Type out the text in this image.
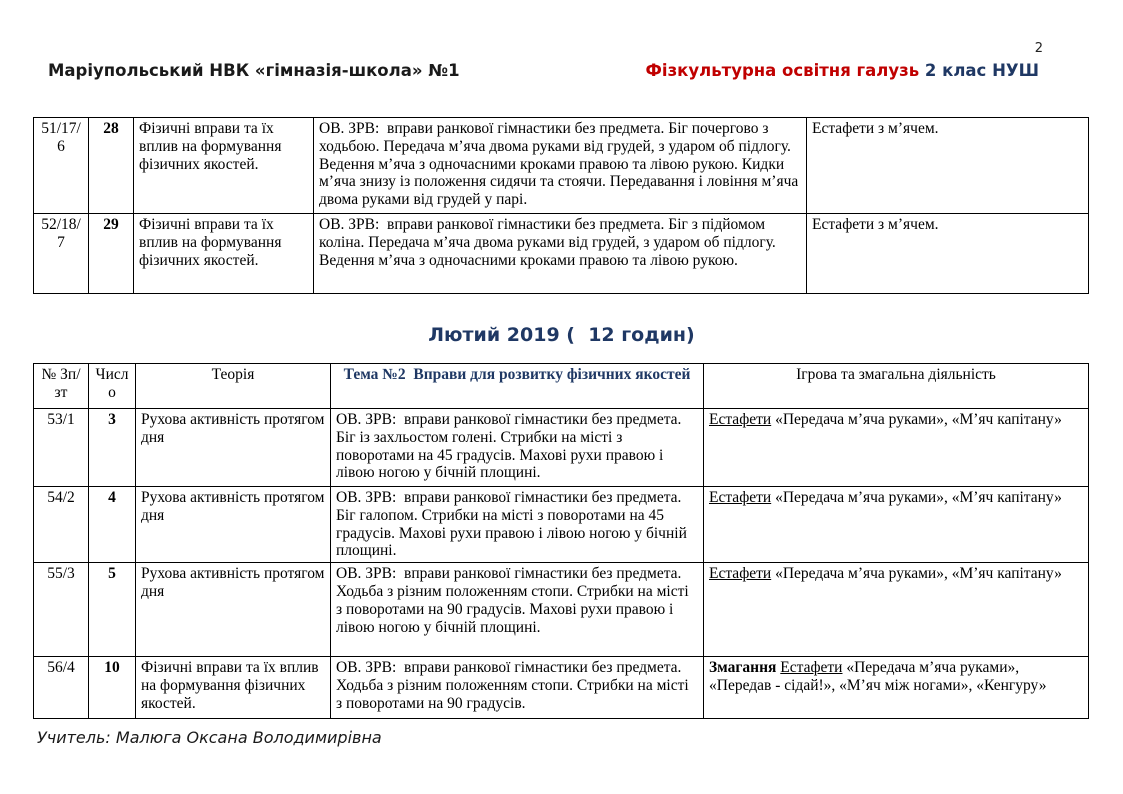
2
Маріупольський НВК «гімназія-школа» №1	Фізкультурна освітня галузь 2 клас НУШ
51/17/6	28	Фізичні вправи та їх вплив на формування фізичних якостей.	ОВ. ЗРВ:  вправи ранкової гімнастики без предмета. Біг почергово з ходьбою. Передача м’яча двома руками від грудей, з ударом об підлогу. Ведення м’яча з одночасними кроками правою та лівою рукою. Кидки м’яча знизу із положення сидячи та стоячи. Передавання і ловіння м’яча двома руками від грудей у парі.	Естафети з м’ячем.
52/18/7	29	Фізичні вправи та їх вплив на формування фізичних якостей.	ОВ. ЗРВ:  вправи ранкової гімнастики без предмета. Біг з підйомом коліна. Передача м’яча двома руками від грудей, з ударом об підлогу. Ведення м’яча з одночасними кроками правою та лівою рукою.	Естафети з м’ячем.
Лютий 2019 (  12 годин)
№ Зп/зт	Число	Теорія	Тема №2  Вправи для розвитку фізичних якостей	Ігрова та змагальна діяльність
53/1	3	Рухова активність протягом дня	ОВ. ЗРВ:  вправи ранкової гімнастики без предмета. Біг із захльостом голені. Стрибки на місті з поворотами на 45 градусів. Махові рухи правою і лівою ногою у бічній площині.	Естафети «Передача м’яча руками», «М’яч капітану»
54/2	4	Рухова активність протягом дня	ОВ. ЗРВ:  вправи ранкової гімнастики без предмета. Біг галопом. Стрибки на місті з поворотами на 45 градусів. Махові рухи правою і лівою ногою у бічній площині.	Естафети «Передача м’яча руками», «М’яч капітану»
55/3	5	Рухова активність протягом дня	ОВ. ЗРВ:  вправи ранкової гімнастики без предмета. Ходьба з різним положенням стопи. Стрибки на місті з поворотами на 90 градусів. Махові рухи правою і лівою ногою у бічній площині.	Естафети «Передача м’яча руками», «М’яч капітану»
56/4	10	Фізичні вправи та їх вплив на формування фізичних якостей.	ОВ. ЗРВ:  вправи ранкової гімнастики без предмета. Ходьба з різним положенням стопи. Стрибки на місті з поворотами на 90 градусів.	Змагання Естафети «Передача м’яча руками», «Передав - сідай!», «М’яч між ногами», «Кенгуру»
Учитель: Малюга Оксана Володимирівна
